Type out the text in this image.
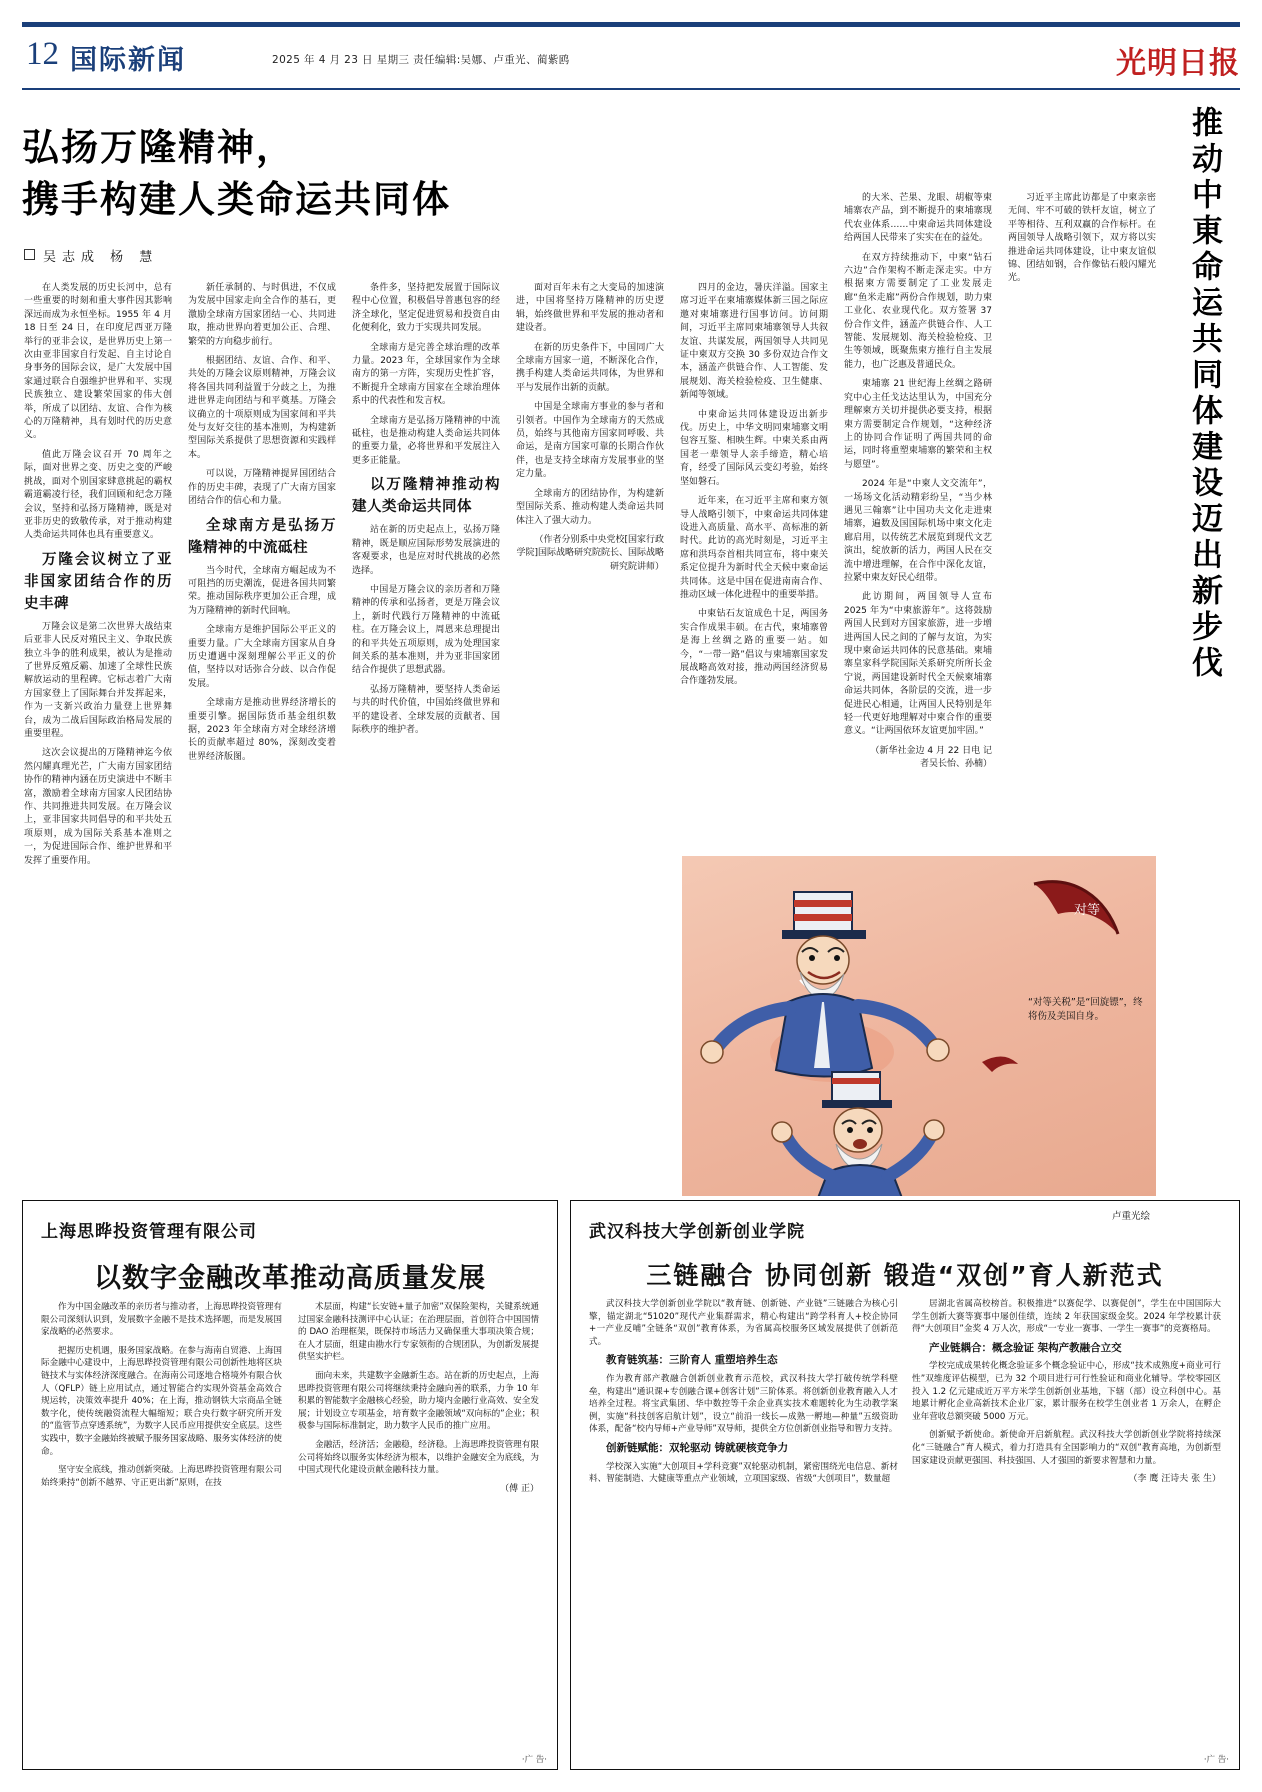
12 国际新闻	2025 年 4 月 23 日 星期三 责任编辑:吴娜、卢重光、蔺紫鸥	光明日报
弘扬万隆精神，
携手构建人类命运共同体
吴志成 杨 慧	推动中東命运共同体建设迈出新步伐

在人类发展的历史长河中，总有一些重要的时刻和重大事件因其影响深远而成为永恒坐标。1955 年 4 月 18 日至 24 日，在印度尼西亚万隆举行的亚非会议，是世界历史上第一次由亚非国家自行发起、自主讨论自身事务的国际会议，是广大发展中国家通过联合自强维护世界和平、实现民族独立、建设繁荣国家的伟大创举，所成了以团结、友谊、合作为核心的万隆精神，具有划时代的历史意义。

值此万隆会议召开 70 周年之际，面对世界之变、历史之变的严峻挑战，面对个别国家肆意挑起的霸权霸道霸凌行径，我们回顾和纪念万隆会议，坚持和弘扬万隆精神，既是对亚非历史的致敬传承，对于推动构建人类命运共同体也具有重要意义。

万隆会议树立了亚非国家团结合作的历史丰碑

万隆会议是第二次世界大战结束后亚非人民反对殖民主义、争取民族独立斗争的胜利成果，被认为是推动了世界反殖反霸、加速了全球性民族解放运动的里程碑。它标志着广大南方国家登上了国际舞台并发挥起来，作为一支新兴政治力量登上世界舞台，成为二战后国际政治格局发展的重要里程。

这次会议提出的万隆精神迄今依然闪耀真理光芒，广大南方国家团结协作的精神内涵在历史演进中不断丰富，激励着全球南方国家人民团结协作、共同推进共同发展。在万隆会议上，亚非国家共同倡导的和平共处五项原则，成为国际关系基本准则之一，为促进国际合作、维护世界和平发挥了重要作用。

新任承制的、与时俱进，不仅成为发展中国家走向全合作的基石，更激励全球南方国家团结一心、共同进取，推动世界向着更加公正、合理、繁荣的方向稳步前行。

根据团结、友谊、合作、和平、共处的万隆会议原则精神，万隆会议将各国共同利益置于分歧之上，为推进世界走向团结与和平奠基。万隆会议确立的十项原则成为国家间和平共处与友好交往的基本准则，为构建新型国际关系提供了思想资源和实践样本。

可以说，万隆精神提昇国团结合作的历史丰碑，表现了广大南方国家团结合作的信心和力量。

全球南方是弘扬万隆精神的中流砥柱

当今时代，全球南方崛起成为不可阻挡的历史潮流，促进各国共同繁荣。推动国际秩序更加公正合理，成为万隆精神的新时代回响。

全球南方是维护国际公平正义的重要力量。广大全球南方国家从自身历史遭遇中深刻理解公平正义的价值，坚持以对话弥合分歧、以合作促发展。

全球南方是推动世界经济增长的重要引擎。据国际货币基金组织数据，2023 年全球南方对全球经济增长的贡献率超过 80%，深刻改变着世界经济版图。

条件多，坚持把发展置于国际议程中心位置，积极倡导普惠包容的经济全球化，坚定促进贸易和投资自由化便利化，致力于实现共同发展。

全球南方是完善全球治理的改革力量。2023 年，全球国家作为全球南方的第一方阵，实现历史性扩容，不断提升全球南方国家在全球治理体系中的代表性和发言权。

全球南方是弘扬万隆精神的中流砥柱，也是推动构建人类命运共同体的重要力量，必将世界和平发展注入更多正能量。

以万隆精神推动构建人类命运共同体

站在新的历史起点上，弘扬万隆精神，既是顺应国际形势发展演进的客观要求，也是应对时代挑战的必然选择。

中国是万隆会议的亲历者和万隆精神的传承和弘扬者，更是万隆会议上，新时代践行万隆精神的中流砥柱。在万隆会议上，周恩来总理提出的和平共处五项原则，成为处理国家间关系的基本准则，并为亚非国家团结合作提供了思想武器。

弘扬万隆精神，要坚持人类命运与共的时代价值，中国始终做世界和平的建设者、全球发展的贡献者、国际秩序的维护者。

面对百年未有之大变局的加速演进，中国将坚持万隆精神的历史逻辑，始终做世界和平发展的推动者和建设者。

在新的历史条件下，中国同广大全球南方国家一道，不断深化合作，携手构建人类命运共同体，为世界和平与发展作出新的贡献。

中国是全球南方事业的参与者和引领者。中国作为全球南方的天然成员，始终与其他南方国家同呼吸、共命运，是南方国家可靠的长期合作伙伴，也是支持全球南方发展事业的坚定力量。

全球南方的团结协作，为构建新型国际关系、推动构建人类命运共同体注入了强大动力。

（作者分别系中央党校[国家行政学院]国际战略研究院院长、国际战略研究院讲师）

四月的金边，暑庆洋溢。国家主席习近平在柬埔寨媒体新三国之际应邀对柬埔寨进行国事访问。访问期间，习近平主席同柬埔寨领导人共叙友谊、共谋发展，两国领导人共同见证中柬双方交换 30 多份双边合作文本，涵盖产供链合作、人工智能、发展规划、海关检验检疫、卫生健康、新闻等领域。

中柬命运共同体建设迈出新步伐。历史上，中华文明同柬埔寨文明包容互鉴、相映生辉。中柬关系由两国老一辈领导人亲手缔造，精心培育，经受了国际风云变幻考验，始终坚如磐石。

近年来，在习近平主席和柬方领导人战略引领下，中柬命运共同体建设进入高质量、高水平、高标准的新时代。此访的高光时刻是，习近平主席和洪玛奈首相共同宣布，将中柬关系定位提升为新时代全天候中柬命运共同体。这是中国在促进南南合作、推动区域一体化进程中的重要举措。

中柬钻石友谊成色十足，两国务实合作成果丰硕。在古代，柬埔寨曾是海上丝绸之路的重要一站。如今，“一带一路”倡议与柬埔寨国家发展战略高效对接，推动两国经济贸易合作蓬勃发展。

的大米、芒果、龙眼、胡椒等柬埔寨农产品，到不断提升的柬埔寨现代农业体系……中柬命运共同体建设给两国人民带来了实实在在的益处。

在双方持续推动下，中柬“钻石六边”合作架构不断走深走实。中方根据柬方需要制定了工业发展走廊“鱼米走廊”两份合作规划，助力柬工业化、农业现代化。双方签署 37 份合作文件，涵盖产供链合作、人工智能、发展规划、海关检验检疫、卫生等领域，既聚焦柬方推行自主发展能力，也广泛惠及普通民众。

柬埔寨 21 世纪海上丝绸之路研究中心主任戈达达里认为，中国充分理解柬方关切并提供必要支持，根据柬方需要制定合作规划，“这种经济上的协同合作证明了两国共同的命运，同时将重塑柬埔寨的繁荣和主权与愿望”。

2024 年是“中柬人文交流年”，一场场文化活动精彩纷呈，“当少林遇见三翰寨”让中国功夫文化走进柬埔寨，遍数及国国际机场中柬文化走廊启用，以传统艺术展览到现代文艺演出，绽放新的活力，两国人民在交流中增进理解，在合作中深化友谊，拉紧中柬友好民心纽带。

此访期间，两国领导人宣布 2025 年为“中柬旅游年”。这将鼓励两国人民到对方国家旅游，进一步增进两国人民之间的了解与友谊，为实现中柬命运共同体的民意基础。柬埔寨皇家科学院国际关系研究所所长金宁说，两国建设新时代全天候柬埔寨命运共同体，各阶层的交流，进一步促进民心相通，让两国人民特别是年轻一代更好地理解对中柬合作的重要意义。“让两国依环友谊更加牢固。”

（新华社金边 4 月 22 日电 记者吴长怡、孙楠）

习近平主席此访都是了中柬亲密无间、牢不可破的铁杆友谊，树立了平等相待、互利双赢的合作标杆。在两国领导人战略引领下，双方将以实推进命运共同体建设，让中柬友谊似锦、团结如钢，合作像钻石般闪耀光光。

对等
“对等关税”是“回旋镖”，终将伤及美国自身。
卢重光绘
上海思晔投资管理有限公司
以数字金融改革推动高质量发展

作为中国金融改革的亲历者与推动者，上海思晔投资管理有限公司深刻认识到，发展数字金融不是技术选择题，而是发展国家战略的必然要求。

把握历史机遇，服务国家战略。在参与海南自贸港、上海国际金融中心建设中，上海思晔投资管理有限公司创新性地将区块链技术与实体经济深度融合。在海南公司逐地合格境外有限合伙人（QFLP）链上应用试点，通过智能合约实现外资基金高效合规运转，决策效率提升 40%；在上海，推动钢铁大宗商品全链数字化，使传统融资流程大幅缩短；联合央行数字研究所开发的“监管节点穿透系统”，为数字人民币应用提供安全底层。这些实践中，数字金融始终被赋予服务国家战略、服务实体经济的使命。

坚守安全底线，推动创新突破。上海思晔投资管理有限公司始终秉持“创新不越界、守正更出新”原则，在技

术层面，构建“长安链+量子加密”双保险架构，关键系统通过国家金融科技测评中心认证；在治理层面，首创符合中国国情的 DAO 治理框架，既保持市场活力又确保重大事项决策合规；在人才层面，组建由勘水行专家领衔的合规团队，为创新发展提供坚实护栏。

面向未来，共建数字金融新生态。站在新的历史起点，上海思晔投资管理有限公司将继续秉持金融向善的联系，力争 10 年积累的智能数字金融核心经验，助力境内金融行业高效、安全发展；计划设立专项基金，培育数字金融领域“双向标的”企业；积极参与国际标准制定，助力数字人民币的推广应用。

金融活，经济活；金融稳，经济稳。上海思晔投资管理有限公司将始终以服务实体经济为根本，以维护金融安全为底线，为中国式现代化建设贡献金融科技力量。

（傅 正）

·广 告·
武汉科技大学创新创业学院
三链融合 协同创新 锻造“双创”育人新范式

武汉科技大学创新创业学院以“教育链、创新链、产业链”三链融合为核心引擎，锚定湖北“51020”现代产业集群需求，精心构建出“跨学科育人+校企协同+一产业反哺”全链条“双创”教育体系，为省属高校服务区域发展提供了创新范式。

教育链筑基：三阶育人 重塑培养生态

作为教育部产教融合创新创业教育示范校，武汉科技大学打破传统学科壁垒，构建出“通识课+专创融合课+创客计划”三阶体系。将创新创业教育融入人才培养全过程。将宝武集团、华中数控等千余企业真实技术难题转化为生动教学案例，实施“科技创客启航计划”，设立“前沿一线长—成熟一孵地—种量”五级资助体系，配备“校内导师+产业导师”双导师，提供全方位创新创业指导和智力支持。

创新链赋能：双轮驱动 铸就硬核竞争力

学校深入实施“大创项目+学科竞赛”双轮驱动机制，紧密围绕光电信息、新材料、智能制造、大健康等重点产业领域，立项国家级、省级“大创项目”，数量超

居湖北省属高校榜首。积极推进“以赛促学、以赛促创”，学生在中国国际大学生创新大赛等赛事中屡创佳绩，连续 2 年获国家级金奖。2024 年学校累计获得“大创项目”金奖 4 万人次，形成“一专业一赛事、一学生一赛事”的竞赛格局。

产业链耦合：概念验证 架构产教融合立交

学校完成成果转化概念验证多个概念验证中心，形成“技术成熟度+商业可行性”双维度评估模型，已为 32 个项目进行可行性验证和商业化辅导。学校零园区投入 1.2 亿元建成近万平方米学生创新创业基地，下辖（部）设立科创中心。基地累计孵化企业高新技术企业厂家，累计服务在校学生创业者 1 万余人，在孵企业年营收总额突破 5000 万元。

创新赋予新使命。新使命开启新航程。武汉科技大学创新创业学院将持续深化“三链融合”育人模式，着力打造具有全国影响力的“双创”教育高地，为创新型国家建设贡献更强国、科技强国、人才强国的新要求智慧和力量。

（李 鹰 汪诗夫 张 生）

·广 告·
